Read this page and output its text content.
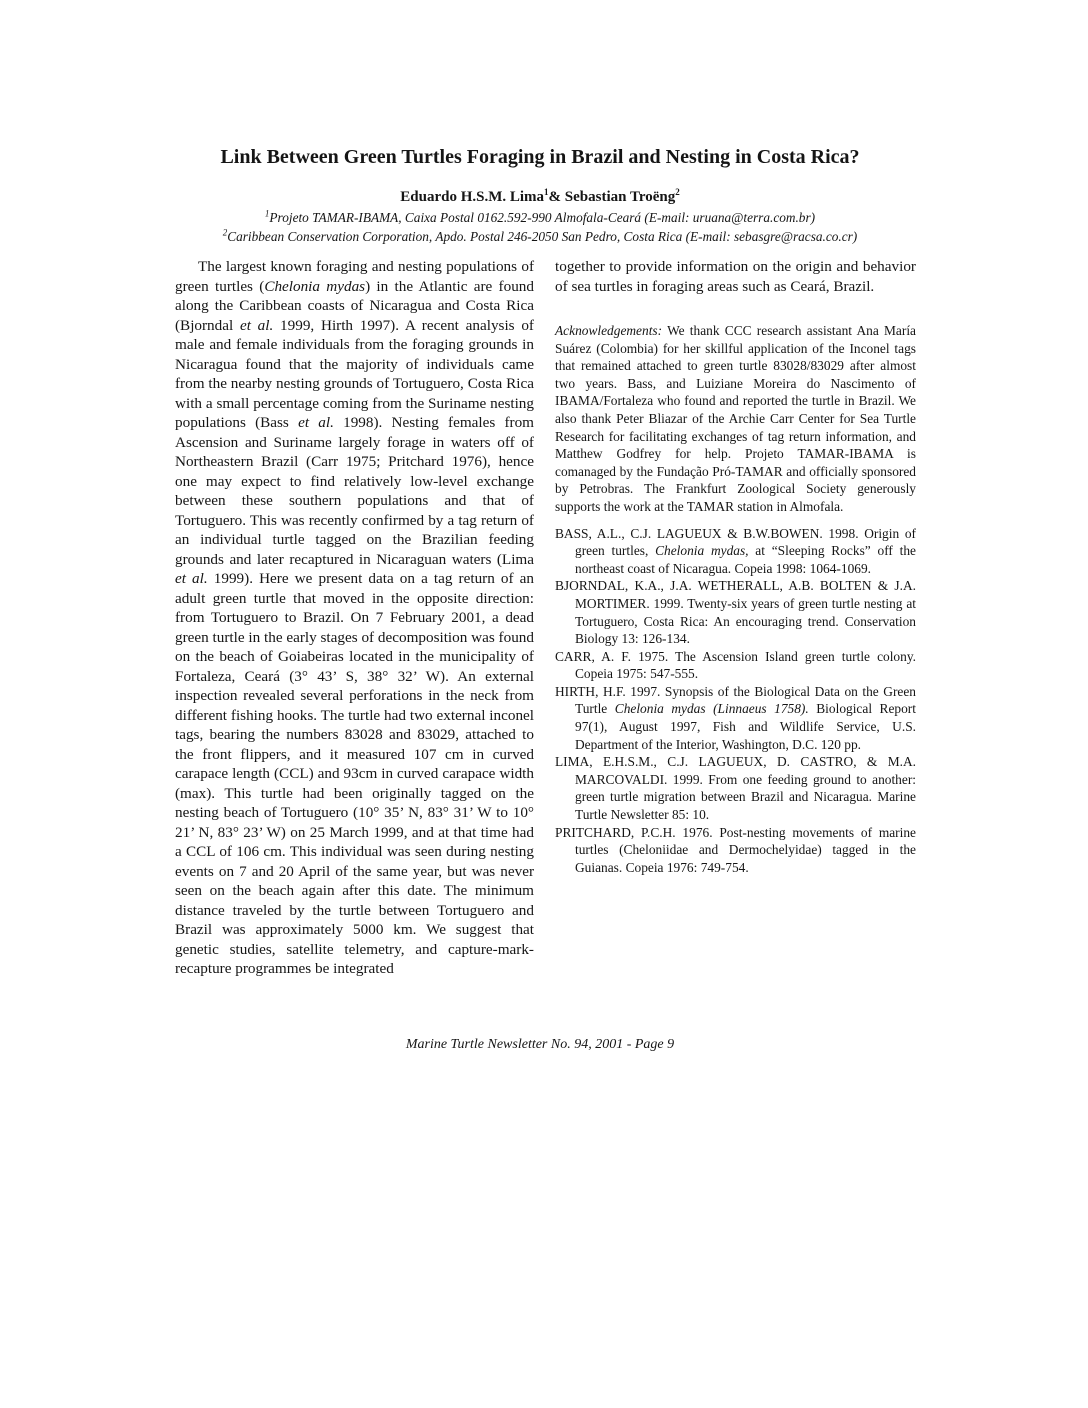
Link Between Green Turtles Foraging in Brazil and Nesting in Costa Rica?
Eduardo H.S.M. Lima$^1$& Sebastian Troëng$^2$
$^1$Projeto TAMAR-IBAMA, Caixa Postal 0162.592-990 Almofala-Ceará (E-mail: uruana@terra.com.br)
$^2$Caribbean Conservation Corporation, Apdo. Postal 246-2050 San Pedro, Costa Rica (E-mail: sebasgre@racsa.co.cr)

The largest known foraging and nesting populations of green turtles (Chelonia mydas) in the Atlantic are found along the Caribbean coasts of Nicaragua and Costa Rica (Bjorndal et al. 1999, Hirth 1997). A recent analysis of male and female individuals from the foraging grounds in Nicaragua found that the majority of individuals came from the nearby nesting grounds of Tortuguero, Costa Rica with a small percentage coming from the Suriname nesting populations (Bass et al. 1998). Nesting females from Ascension and Suriname largely forage in waters off of Northeastern Brazil (Carr 1975; Pritchard 1976), hence one may expect to find relatively low-level exchange between these southern populations and that of Tortuguero. This was recently confirmed by a tag return of an individual turtle tagged on the Brazilian feeding grounds and later recaptured in Nicaraguan waters (Lima et al. 1999). Here we present data on a tag return of an adult green turtle that moved in the opposite direction: from Tortuguero to Brazil. On 7 February 2001, a dead green turtle in the early stages of decomposition was found on the beach of Goiabeiras located in the municipality of Fortaleza, Ceará (3° 43’ S, 38° 32’ W). An external inspection revealed several perforations in the neck from different fishing hooks. The turtle had two external inconel tags, bearing the numbers 83028 and 83029, attached to the front flippers, and it measured 107 cm in curved carapace length (CCL) and 93cm in curved carapace width (max). This turtle had been originally tagged on the nesting beach of Tortuguero (10° 35’ N, 83° 31’ W to 10° 21’ N, 83° 23’ W) on 25 March 1999, and at that time had a CCL of 106 cm. This individual was seen during nesting events on 7 and 20 April of the same year, but was never seen on the beach again after this date. The minimum distance traveled by the turtle between Tortuguero and Brazil was approximately 5000 km. We suggest that genetic studies, satellite telemetry, and capture-mark-recapture programmes be integrated

together to provide information on the origin and behavior of sea turtles in foraging areas such as Ceará, Brazil.

Acknowledgements: We thank CCC research assistant Ana María Suárez (Colombia) for her skillful application of the Inconel tags that remained attached to green turtle 83028/83029 after almost two years. Bass, and Luiziane Moreira do Nascimento of IBAMA/Fortaleza who found and reported the turtle in Brazil. We also thank Peter Bliazar of the Archie Carr Center for Sea Turtle Research for facilitating exchanges of tag return information, and Matthew Godfrey for help. Projeto TAMAR-IBAMA is comanaged by the Fundação Pró-TAMAR and officially sponsored by Petrobras. The Frankfurt Zoological Society generously supports the work at the TAMAR station in Almofala.

BASS, A.L., C.J. LAGUEUX & B.W.BOWEN. 1998. Origin of green turtles, Chelonia mydas, at “Sleeping Rocks” off the northeast coast of Nicaragua. Copeia 1998: 1064-1069.

BJORNDAL, K.A., J.A. WETHERALL, A.B. BOLTEN & J.A. MORTIMER. 1999. Twenty-six years of green turtle nesting at Tortuguero, Costa Rica: An encouraging trend. Conservation Biology 13: 126-134.

CARR, A. F. 1975. The Ascension Island green turtle colony. Copeia 1975: 547-555.

HIRTH, H.F. 1997. Synopsis of the Biological Data on the Green Turtle Chelonia mydas (Linnaeus 1758). Biological Report 97(1), August 1997, Fish and Wildlife Service, U.S. Department of the Interior, Washington, D.C. 120 pp.

LIMA, E.H.S.M., C.J. LAGUEUX, D. CASTRO, & M.A. MARCOVALDI. 1999. From one feeding ground to another: green turtle migration between Brazil and Nicaragua. Marine Turtle Newsletter 85: 10.

PRITCHARD, P.C.H. 1976. Post-nesting movements of marine turtles (Cheloniidae and Dermochelyidae) tagged in the Guianas. Copeia 1976: 749-754.

Marine Turtle Newsletter No. 94, 2001 - Page 9
